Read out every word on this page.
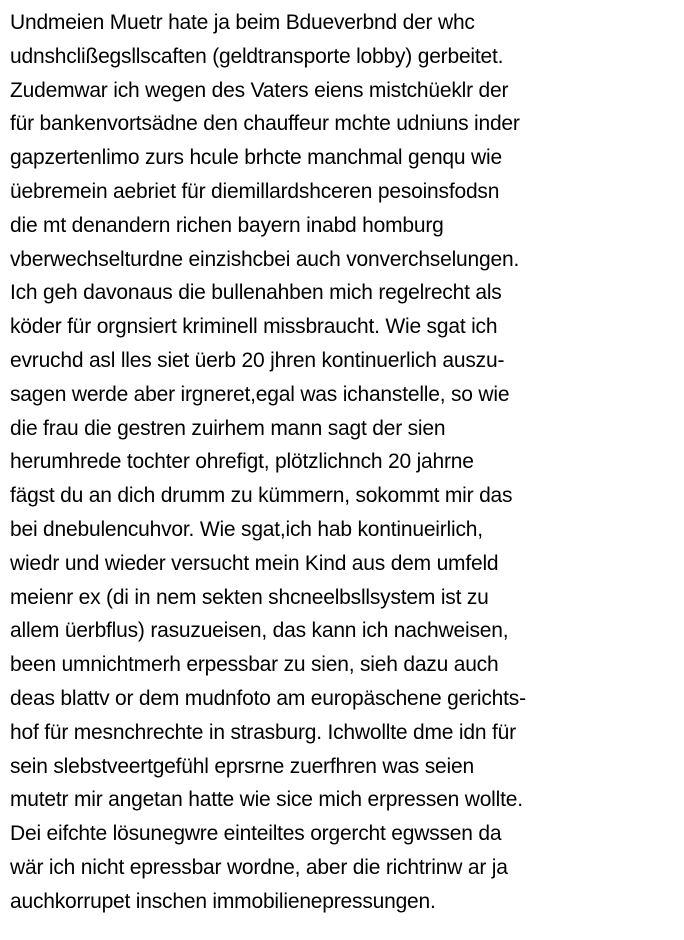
Undmeien Muetr hate ja beim Bdueverbnd der whc
udnshclißegsllscaften (geldtransporte lobby) gerbeitet.
Zudemwar ich wegen des Vaters eiens mistchüeklr der
für bankenvortsädne den chauffeur mchte udniuns inder
gapzertenlimo zurs hcule brhcte manchmal genqu wie
üebremein aebriet für diemillardshceren pesoinsfodsn
die mt denandern richen bayern inabd homburg
vberwechselturdne einzishcbei auch vonverchselungen.
Ich geh davonaus die bullenahben mich regelrecht als
köder für orgnsiert kriminell missbraucht. Wie sgat ich
evruchd asl lles siet üerb 20 jhren kontinuerlich auszu-
sagen werde aber irgneret,egal was ichanstelle, so wie
die frau die gestren zuirhem mann sagt der sien
herumhrede tochter ohrefigt, plötzlichnch 20 jahrne
fägst du an dich drumm zu kümmern, sokommt mir das
bei dnebulencuhvor. Wie sgat,ich hab kontinueirlich,
wiedr und wieder versucht mein Kind aus dem umfeld
meienr ex (di in nem sekten shcneelbsllsystem ist zu
allem üerbflus) rasuzueisen, das kann ich nachweisen,
been umnichtmerh erpessbar zu sien, sieh dazu auch
deas blattv or dem mudnfoto am europäschene gerichts-
hof für mesnchrechte in strasburg. Ichwollte dme idn für
sein slebstveertgefühl eprsrne zuerfhren was seien
mutetr mir angetan hatte wie sice mich erpressen wollte.
Dei eifchte lösunegwre einteiltes orgercht egwssen da
wär ich nicht epressbar wordne, aber die richtrinw ar ja
auchkorrupet inschen immobilienepressungen.
